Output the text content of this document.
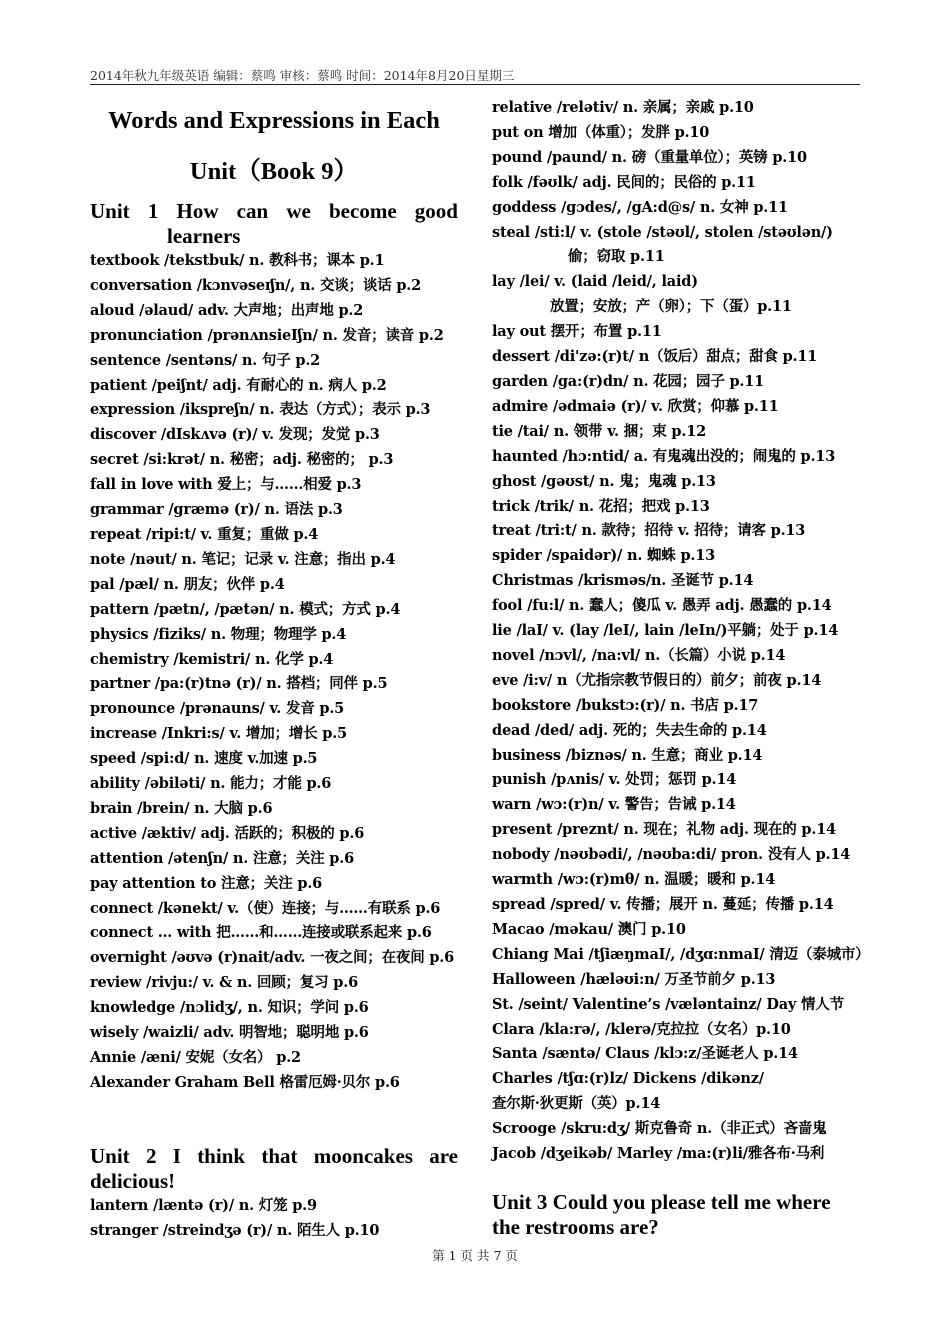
2014年秋九年级英语 编辑：蔡鸣 审核：蔡鸣 时间：2014年8月20日星期三
Words and Expressions in Each
Unit（Book 9）
Unit 1 How can we become good
learners
textbook /tekstbuk/ n. 教科书；课本 p.1
conversation /kɔnvəseɪʃn/, n. 交谈；谈话 p.2
aloud /əlaud/ adv. 大声地；出声地 p.2
pronunciation /prənʌnsieIʃn/ n. 发音；读音 p.2
sentence /sentəns/ n. 句子 p.2
patient /peiʃnt/ adj. 有耐心的 n. 病人 p.2
expression /ikspreʃn/ n. 表达（方式）；表示 p.3
discover /dIskʌvə (r)/ v. 发现；发觉 p.3
secret /si:krət/ n. 秘密；adj. 秘密的； p.3
fall in love with 爱上；与……相爱 p.3
grammar /græmə (r)/ n. 语法 p.3
repeat /ripi:t/ v. 重复；重做 p.4
note /nəut/ n. 笔记；记录 v. 注意；指出 p.4
pal /pæl/ n. 朋友；伙伴 p.4
pattern /pætn/, /pætən/ n. 模式；方式 p.4
physics /fiziks/ n. 物理；物理学 p.4
chemistry /kemistri/ n. 化学 p.4
partner /pa:(r)tnə (r)/ n. 搭档；同伴 p.5
pronounce /prənauns/ v. 发音 p.5
increase /Inkri:s/ v. 增加；增长 p.5
speed /spi:d/ n. 速度 v.加速 p.5
ability /əbiləti/ n. 能力；才能 p.6
brain /brein/ n. 大脑 p.6
active /æktiv/ adj. 活跃的；积极的 p.6
attention /ətenʃn/ n. 注意；关注 p.6
pay attention to 注意；关注 p.6
connect /kənekt/ v.（使）连接；与……有联系 p.6
connect … with 把……和……连接或联系起来 p.6
overnight /əʊvə (r)nait/adv. 一夜之间；在夜间 p.6
review /rivju:/ v. & n. 回顾；复习 p.6
knowledge /nɔlidʒ/, n. 知识；学问 p.6
wisely /waizli/ adv. 明智地；聪明地 p.6
Annie /æni/ 安妮（女名） p.2
Alexander Graham Bell 格雷厄姆·贝尔 p.6
Unit 2 I think that mooncakes are
delicious!
lantern /læntə (r)/ n. 灯笼 p.9
stranger /streindʒə (r)/ n. 陌生人 p.10
relative /relətiv/ n. 亲属；亲戚 p.10
put on 增加（体重）；发胖 p.10
pound /paund/ n. 磅（重量单位）；英镑 p.10
folk /fəʊlk/ adj. 民间的；民俗的 p.11
goddess /gɔdes/, /gA:d@s/ n. 女神 p.11
steal /sti:l/ v. (stole /stəʊl/, stolen /stəʊlən/)
偷；窃取 p.11
lay /lei/ v. (laid /leid/, laid)
放置；安放；产（卵）；下（蛋）p.11
lay out 摆开；布置 p.11
dessert /di'zə:(r)t/ n（饭后）甜点；甜食 p.11
garden /ga:(r)dn/ n. 花园；园子 p.11
admire /ədmaiə (r)/ v. 欣赏；仰慕 p.11
tie /tai/ n. 领带 v. 捆；束 p.12
haunted /hɔ:ntid/ a. 有鬼魂出没的；闹鬼的 p.13
ghost /gəʊst/ n. 鬼；鬼魂 p.13
trick /trik/ n. 花招；把戏 p.13
treat /tri:t/ n. 款待；招待 v. 招待；请客 p.13
spider /spaidər)/ n. 蜘蛛 p.13
Christmas /krisməs/n. 圣诞节 p.14
fool /fu:l/ n. 蠢人；傻瓜 v. 愚弄 adj. 愚蠢的 p.14
lie /laI/ v. (lay /leI/, lain /leIn/)平躺；处于 p.14
novel /nɔvl/, /na:vl/ n.（长篇）小说 p.14
eve /i:v/ n（尤指宗教节假日的）前夕；前夜 p.14
bookstore /bukstɔ:(r)/ n. 书店 p.17
dead /ded/ adj. 死的；失去生命的 p.14
business /biznəs/ n. 生意；商业 p.14
punish /pʌnis/ v. 处罚；惩罚 p.14
warn /wɔ:(r)n/ v. 警告；告诫 p.14
present /preznt/ n. 现在；礼物 adj. 现在的 p.14
nobody /nəʊbədi/, /nəʊba:di/ pron. 没有人 p.14
warmth /wɔ:(r)mθ/ n. 温暖；暖和 p.14
spread /spred/ v. 传播；展开 n. 蔓延；传播 p.14
Macao /məkau/ 澳门 p.10
Chiang Mai /tʃiæŋmaI/, /dʒɑ:nmaI/ 清迈（泰城市）
Halloween /hæləʊi:n/ 万圣节前夕 p.13
St. /seint/ Valentine’s /væləntainz/ Day 情人节
Clara /kla:rə/, /klerə/克拉拉（女名）p.10
Santa /sæntə/ Claus /klɔ:z/圣诞老人 p.14
Charles /tʃɑ:(r)lz/ Dickens /dikənz/
查尔斯·狄更斯（英）p.14
Scrooge /skru:dʒ/ 斯克鲁奇 n.（非正式）吝啬鬼
Jacob /dʒeikəb/ Marley /ma:(r)li/雅各布·马利
Unit 3 Could you please tell me where
the restrooms are?
第 1 页 共 7 页
